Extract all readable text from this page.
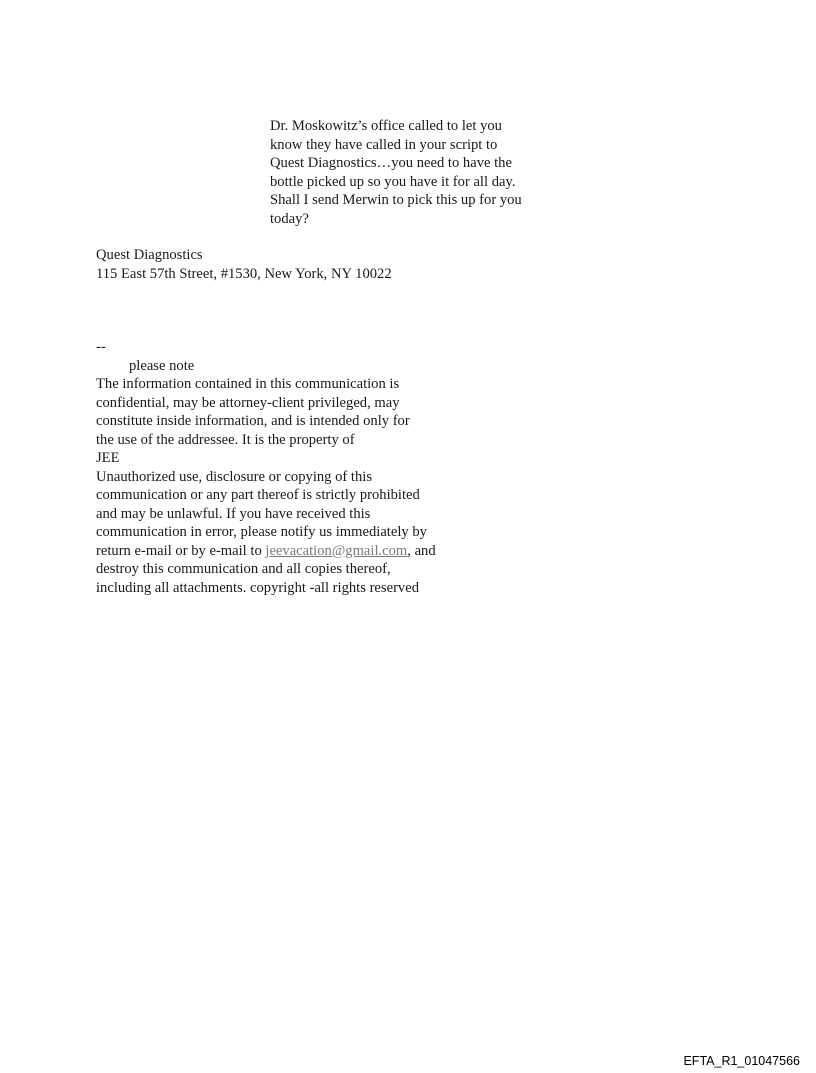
Dr. Moskowitz’s office called to let you
know they have called in your script to
Quest Diagnostics…you need to have the
bottle picked up so you have it for all day.
Shall I send Merwin to pick this up for you
today?
Quest Diagnostics
115 East 57th Street, #1530, New York, NY 10022
--
please note
The information contained in this communication is
confidential, may be attorney-client privileged, may
constitute inside information, and is intended only for
the use of the addressee. It is the property of
JEE
Unauthorized use, disclosure or copying of this
communication or any part thereof is strictly prohibited
and may be unlawful. If you have received this
communication in error, please notify us immediately by
return e-mail or by e-mail to jeevacation@gmail.com, and
destroy this communication and all copies thereof,
including all attachments. copyright -all rights reserved
EFTA_R1_01047566
